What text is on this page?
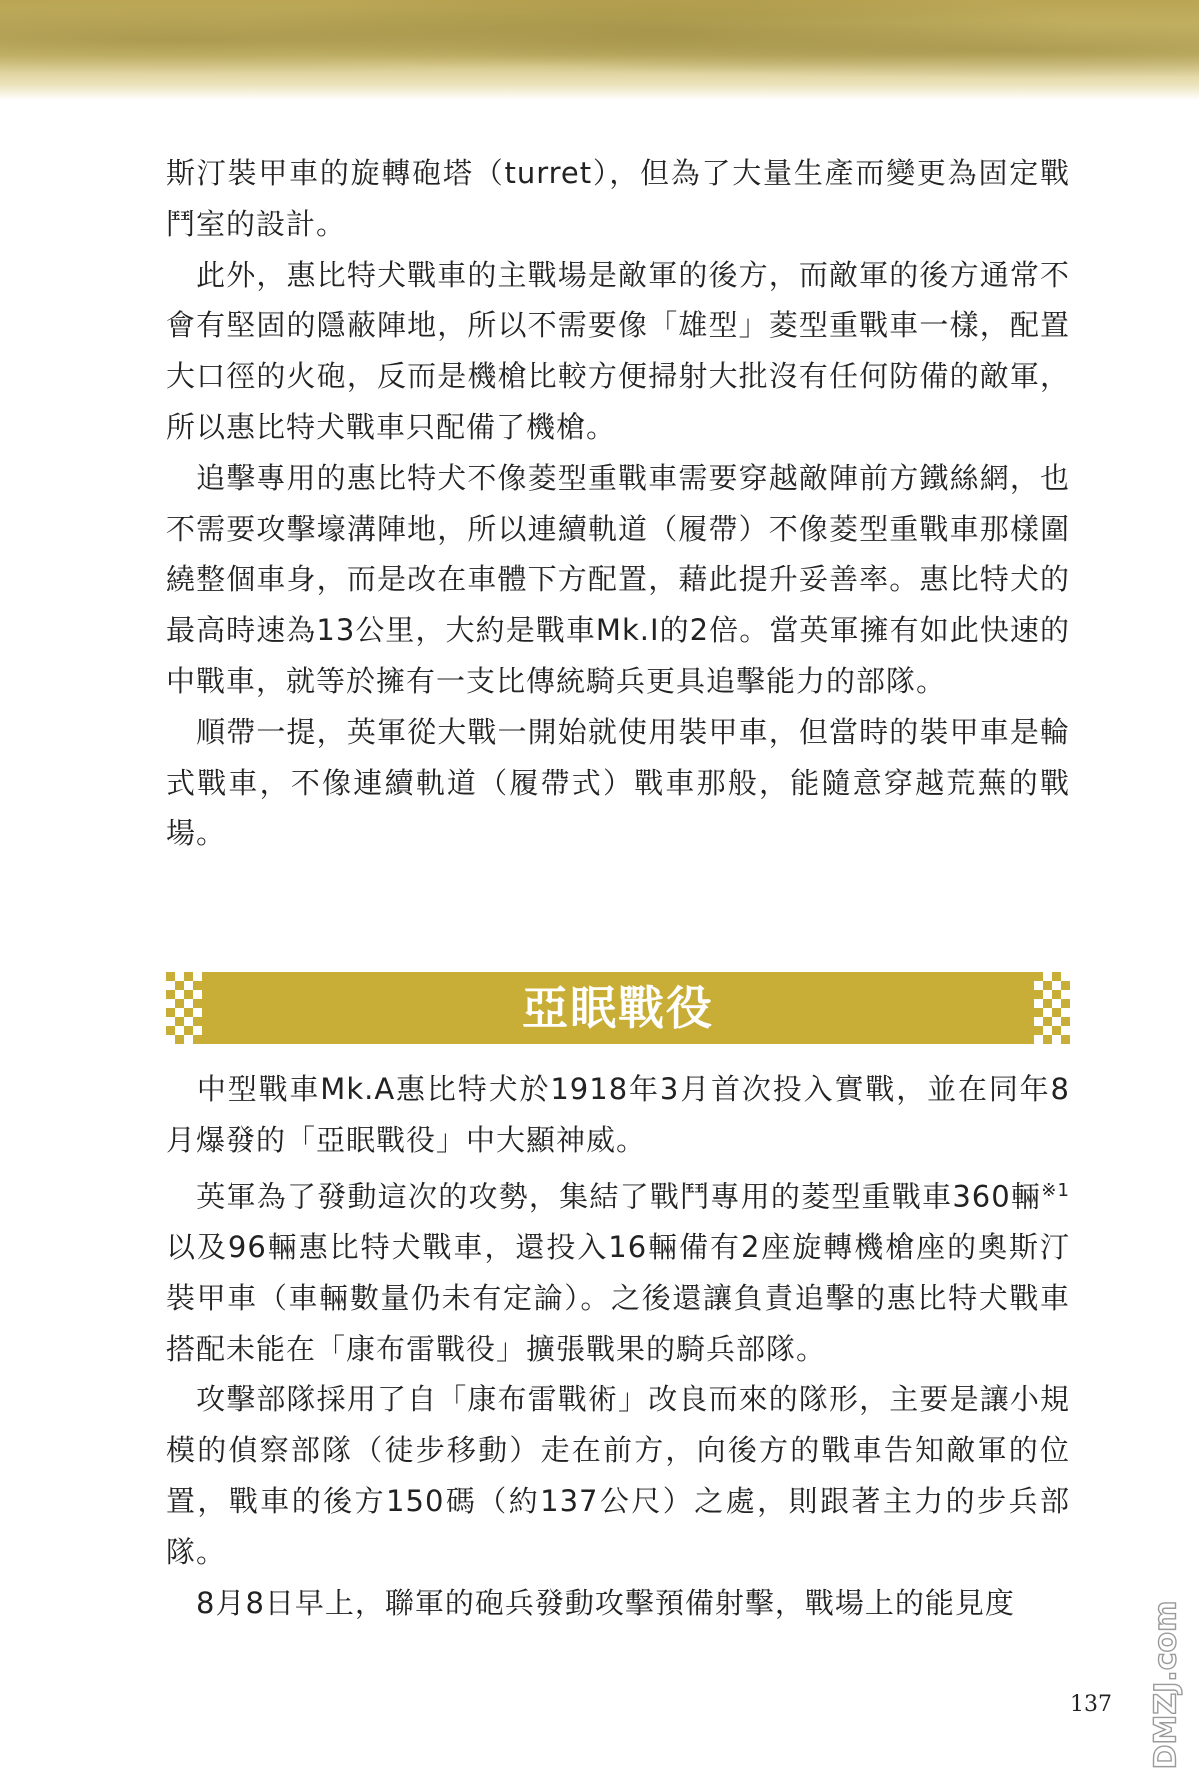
斯汀裝甲車的旋轉砲塔（turret），但為了大量生產而變更為固定戰鬥室的設計。

　此外，惠比特犬戰車的主戰場是敵軍的後方，而敵軍的後方通常不會有堅固的隱蔽陣地，所以不需要像「雄型」菱型重戰車一樣，配置大口徑的火砲，反而是機槍比較方便掃射大批沒有任何防備的敵軍，所以惠比特犬戰車只配備了機槍。

　追擊專用的惠比特犬不像菱型重戰車需要穿越敵陣前方鐵絲網，也不需要攻擊壕溝陣地，所以連續軌道（履帶）不像菱型重戰車那樣圍繞整個車身，而是改在車體下方配置，藉此提升妥善率。惠比特犬的最高時速為13公里，大約是戰車Mk.I的2倍。當英軍擁有如此快速的中戰車，就等於擁有一支比傳統騎兵更具追擊能力的部隊。

　順帶一提，英軍從大戰一開始就使用裝甲車，但當時的裝甲車是輪式戰車，不像連續軌道（履帶式）戰車那般，能隨意穿越荒蕪的戰場。

亞眠戰役

　中型戰車Mk.A惠比特犬於1918年3月首次投入實戰，並在同年8月爆發的「亞眠戰役」中大顯神威。

　英軍為了發動這次的攻勢，集結了戰鬥專用的菱型重戰車360輛$^{※1}$以及96輛惠比特犬戰車，還投入16輛備有2座旋轉機槍座的奧斯汀裝甲車（車輛數量仍未有定論）。之後還讓負責追擊的惠比特犬戰車搭配未能在「康布雷戰役」擴張戰果的騎兵部隊。

　攻擊部隊採用了自「康布雷戰術」改良而來的隊形，主要是讓小規模的偵察部隊（徒步移動）走在前方，向後方的戰車告知敵軍的位置，戰車的後方150碼（約137公尺）之處，則跟著主力的步兵部隊。

　8月8日早上，聯軍的砲兵發動攻擊預備射擊，戰場上的能見度

137 DMZJ.com
